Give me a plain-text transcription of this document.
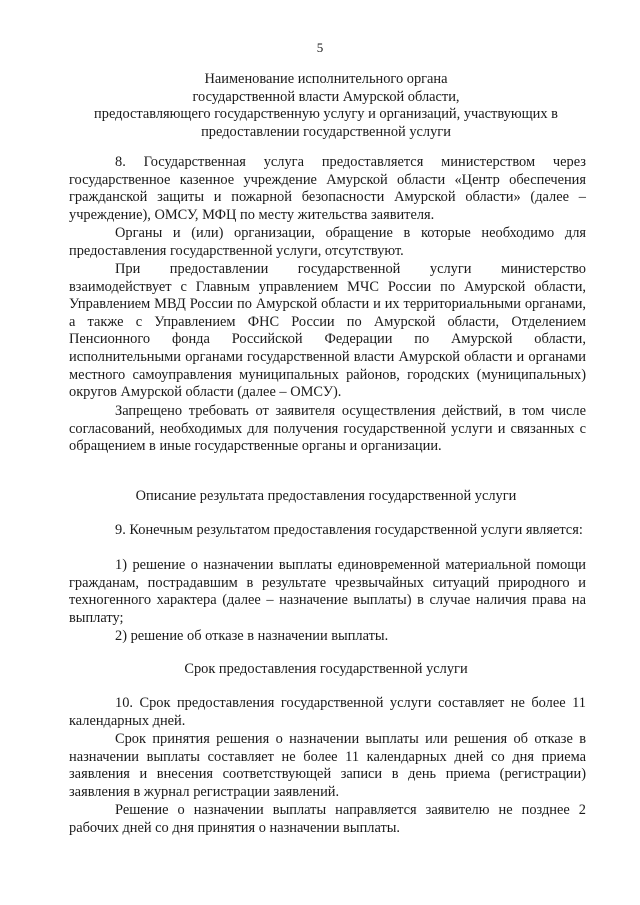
5
Наименование исполнительного органа
государственной власти Амурской области,
предоставляющего государственную услугу и организаций, участвующих в
предоставлении государственной услуги

8. Государственная услуга предоставляется министерством через государственное казенное учреждение Амурской области «Центр обеспечения гражданской защиты и пожарной безопасности Амурской области» (далее – учреждение), ОМСУ, МФЦ по месту жительства заявителя.

Органы и (или) организации, обращение в которые необходимо для предоставления государственной услуги, отсутствуют.

При предоставлении государственной услуги министерство взаимодействует с Главным управлением МЧС России по Амурской области, Управлением МВД России по Амурской области и их территориальными органами, а также с Управлением ФНС России по Амурской области, Отделением Пенсионного фонда Российской Федерации по Амурской области, исполнительными органами государственной власти Амурской области и органами местного самоуправления муниципальных районов, городских (муниципальных) округов Амурской области (далее – ОМСУ).

Запрещено требовать от заявителя осуществления действий, в том числе согласований, необходимых для получения государственной услуги и связанных с обращением в иные государственные органы и организации.

Описание результата предоставления государственной услуги

9. Конечным результатом предоставления государственной услуги является:

1) решение о назначении выплаты единовременной материальной помощи гражданам, пострадавшим в результате чрезвычайных ситуаций природного и техногенного характера (далее – назначение выплаты) в случае наличия права на выплату;

2) решение об отказе в назначении выплаты.

Срок предоставления государственной услуги

10. Срок предоставления государственной услуги составляет не более 11 календарных дней.

Срок принятия решения о назначении выплаты или решения об отказе в назначении выплаты составляет не более 11 календарных дней со дня приема заявления и внесения соответствующей записи в день приема (регистрации) заявления в журнал регистрации заявлений.

Решение о назначении выплаты направляется заявителю не позднее 2 рабочих дней со дня принятия о назначении выплаты.
